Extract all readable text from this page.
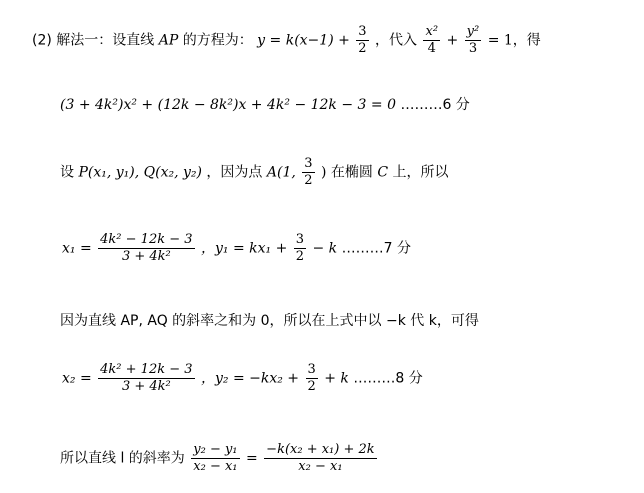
(2) 解法一：设直线 AP 的方程为： $y = k(x-1) + \frac{3}{2}$ ，代入 $\frac{\text{x²}}{4} + \frac{\text{y²}}{3} = 1$，得
(3 + 4k²)x² + (12k − 8k²)x + 4k² − 12k − 3 = 0 ………6 分
设 P(x₁, y₁), Q(x₂, y₂) ，因为点 A(1, $\frac{3}{2}$ ) 在椭圆 C 上，所以
$x_1 = \frac{\text{4k² − 12k − 3}}{\text{3 + 4k²}}$ ，$y_1 = kx_1 + \frac{3}{2} - k$ ………7 分
因为直线 AP, AQ 的斜率之和为 0，所以在上式中以 −k 代 k，可得
$x_2 = \frac{\text{4k² + 12k − 3}}{\text{3 + 4k²}}$ ，$y_2 = -kx_2 + \frac{3}{2} + k$ ………8 分
所以直线 l 的斜率为 $\frac{\text{y₂ − y₁}}{\text{x₂ − x₁}} = \frac{\text{−k(x₂ + x₁) + 2k}}{\text{x₂ − x₁}}$
